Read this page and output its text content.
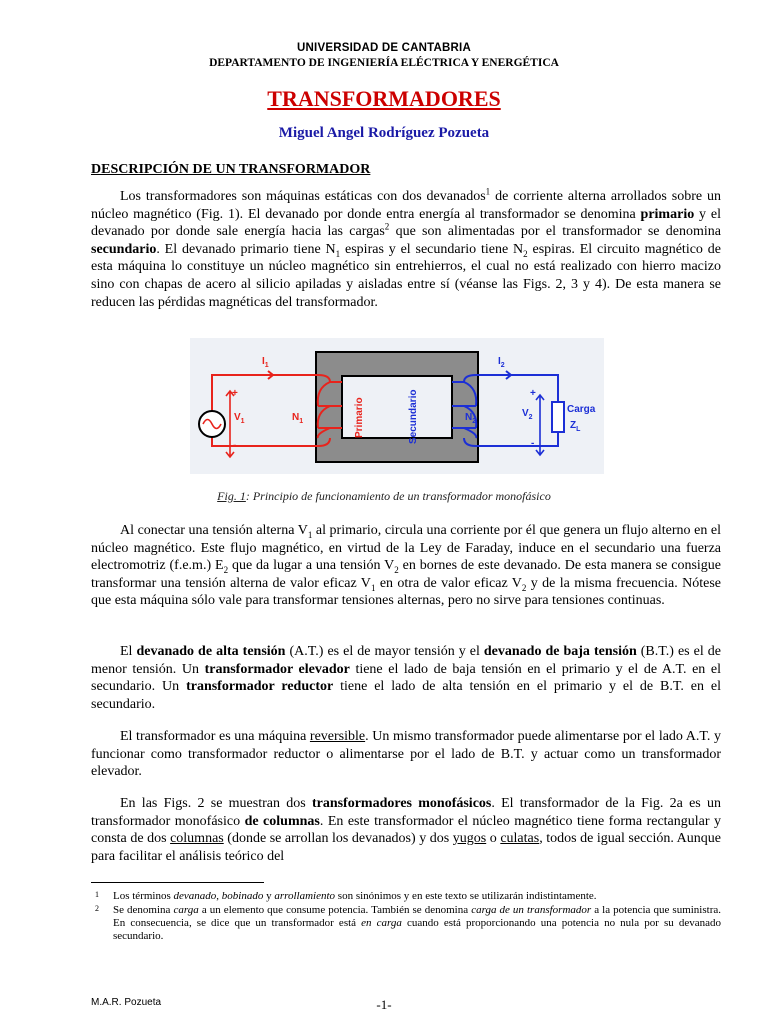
UNIVERSIDAD DE CANTABRIA
DEPARTAMENTO DE INGENIERÍA ELÉCTRICA Y ENERGÉTICA
TRANSFORMADORES
Miguel Angel Rodríguez Pozueta
DESCRIPCIÓN DE UN TRANSFORMADOR

Los transformadores son máquinas estáticas con dos devanados$^1$ de corriente alterna arrollados sobre un núcleo magnético (Fig. 1). El devanado por donde entra energía al transformador se denomina primario y el devanado por donde sale energía hacia las cargas$^2$ que son alimentadas por el transformador se denomina secundario. El devanado primario tiene $N_1$ espiras y el secundario tiene $N_2$ espiras. El circuito magnético de esta máquina lo constituye un núcleo magnético sin entrehierros, el cual no está realizado con hierro macizo sino con chapas de acero al silicio apiladas y aisladas entre sí (véanse las Figs. 2, 3 y 4). De esta manera se reducen las pérdidas magnéticas del transformador.

$I_1$	$I_2$
+
-
$V_1$	$N_1$	Primario	Secundario	$N_2$
+
-
$V_2$
Carga
$Z_L$
Fig. 1: Principio de funcionamiento de un transformador monofásico

Al conectar una tensión alterna $V_1$ al primario, circula una corriente por él que genera un flujo alterno en el núcleo magnético. Este flujo magnético, en virtud de la Ley de Faraday, induce en el secundario una fuerza electromotriz (f.e.m.) $E_2$ que da lugar a una tensión $V_2$ en bornes de este devanado. De esta manera se consigue transformar una tensión alterna de valor eficaz $V_1$ en otra de valor eficaz $V_2$ y de la misma frecuencia. Nótese que esta máquina sólo vale para transformar tensiones alternas, pero no sirve para tensiones continuas.

El devanado de alta tensión (A.T.) es el de mayor tensión y el devanado de baja tensión (B.T.) es el de menor tensión. Un transformador elevador tiene el lado de baja tensión en el primario y el de A.T. en el secundario. Un transformador reductor tiene el lado de alta tensión en el primario y el de B.T. en el secundario.

El transformador es una máquina reversible. Un mismo transformador puede alimentarse por el lado A.T. y funcionar como transformador reductor o alimentarse por el lado de B.T. y actuar como un transformador elevador.

En las Figs. 2 se muestran dos transformadores monofásicos. El transformador de la Fig. 2a es un transformador monofásico de columnas. En este transformador el núcleo magnético tiene forma rectangular y consta de dos columnas (donde se arrollan los devanados) y dos yugos o culatas, todos de igual sección. Aunque para facilitar el análisis teórico del

1	Los términos devanado, bobinado y arrollamiento son sinónimos y en este texto se utilizarán indistintamente.
2	Se denomina carga a un elemento que consume potencia. También se denomina carga de un transformador a la potencia que suministra. En consecuencia, se dice que un transformador está en carga cuando está proporcionando una potencia no nula por su devanado secundario.
M.A.R. Pozueta	-1-
